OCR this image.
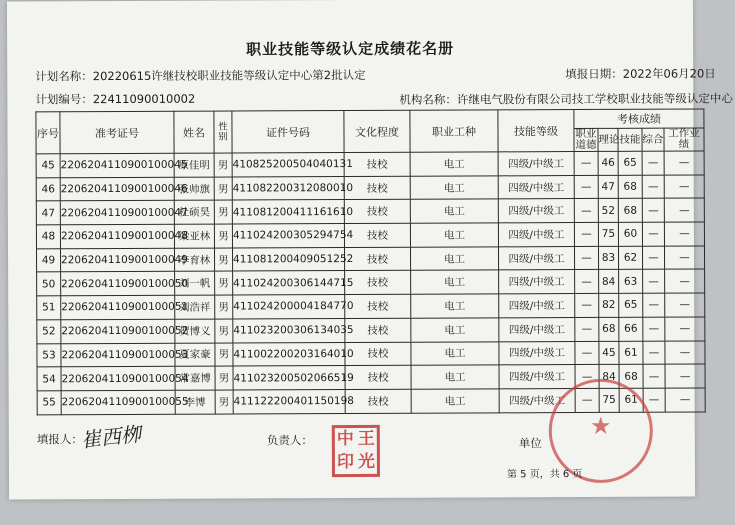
职业技能等级认定成绩花名册
计划名称：20220615许继技校职业技能等级认定中心第2批认定	填报日期：2022年06月20日
计划编号：22411090010002	机构名称：许继电气股份有限公司技工学校职业技能等级认定中心
序号	准考证号	姓名	性别	证件号码	文化程度	职业工种	技能等级	考核成绩				
								职业道德	理论	技能	综合	工作业绩
45	220620411090010004​5	原佳明	男	410825200504040131	技校	电工	四级/中级工	—	46	65	—	—
46	2206204110900100046	张帅旗	男	411082200312080010	技校	电工	四级/中级工	—	47	68	—	—
47	2206204110900100047	杜硕昊	男	411081200411161610	技校	电工	四级/中级工	—	52	68	—	—
48	2206204110900100048	梁亚林	男	411024200305294754	技校	电工	四级/中级工	—	75	60	—	—
49	2206204110900100049	李育林	男	411081200409051252	技校	电工	四级/中级工	—	83	62	—	—
50	2206204110900100050	刘一帆	男	411024200306144715	技校	电工	四级/中级工	—	84	63	—	—
51	2206204110900100051	刘浩祥	男	411024200004184770	技校	电工	四级/中级工	—	82	65	—	—
52	2206204110900100052	贺博义	男	411023200306134035	技校	电工	四级/中级工	—	68	66	—	—
53	2206204110900100053	夏家豪	男	411002200203164010	技校	电工	四级/中级工	—	45	61	—	—
54	2206204110900100054	常嘉博	男	411023200502066519	技校	电工	四级/中级工	—	84	68	—	—
55	2206204110900100055	李博	男	411122200401150198	技校	电工	四级/中级工	—	75	61	—	—
填报人：
崔西栁	负责人： 中 王
印 光
★
单位
第 5 页，共 6 页
